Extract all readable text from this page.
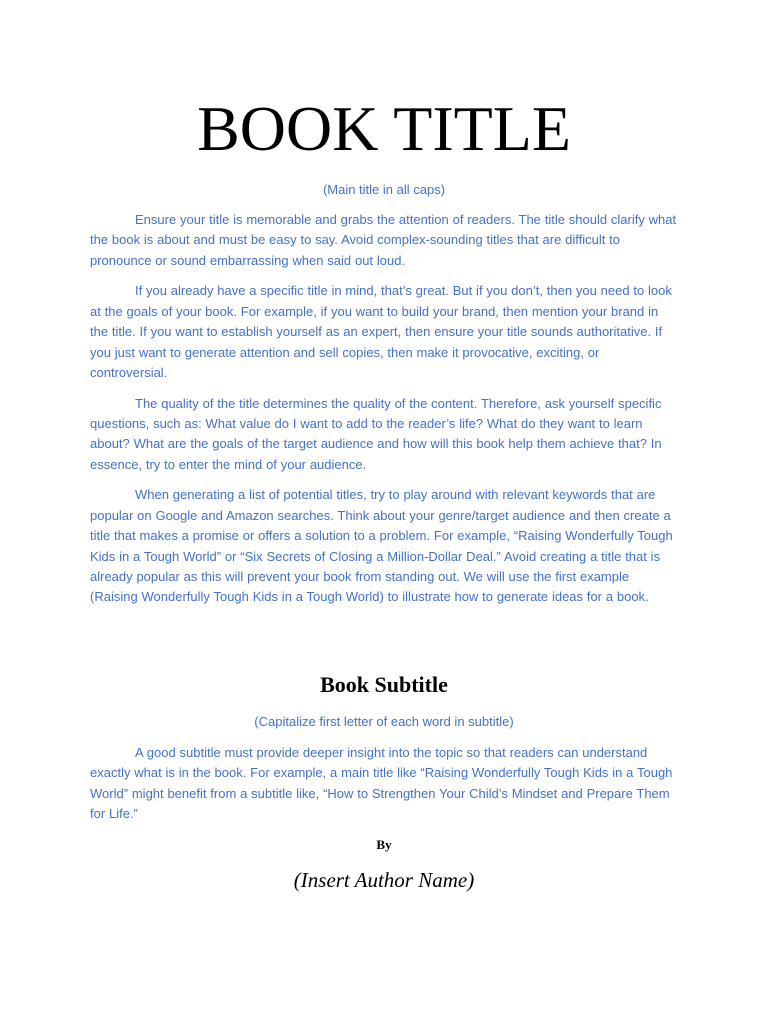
BOOK TITLE

(Main title in all caps)

Ensure your title is memorable and grabs the attention of readers. The title should clarify what the book is about and must be easy to say. Avoid complex-sounding titles that are difficult to pronounce or sound embarrassing when said out loud.

If you already have a specific title in mind, that’s great. But if you don’t, then you need to look at the goals of your book. For example, if you want to build your brand, then mention your brand in the title. If you want to establish yourself as an expert, then ensure your title sounds authoritative. If you just want to generate attention and sell copies, then make it provocative, exciting, or controversial.

The quality of the title determines the quality of the content. Therefore, ask yourself specific questions, such as: What value do I want to add to the reader’s life? What do they want to learn about? What are the goals of the target audience and how will this book help them achieve that? In essence, try to enter the mind of your audience.

When generating a list of potential titles, try to play around with relevant keywords that are popular on Google and Amazon searches. Think about your genre/target audience and then create a title that makes a promise or offers a solution to a problem. For example, “Raising Wonderfully Tough Kids in a Tough World” or “Six Secrets of Closing a Million-Dollar Deal.” Avoid creating a title that is already popular as this will prevent your book from standing out. We will use the first example (Raising Wonderfully Tough Kids in a Tough World) to illustrate how to generate ideas for a book.

Book Subtitle

(Capitalize first letter of each word in subtitle)

A good subtitle must provide deeper insight into the topic so that readers can understand exactly what is in the book. For example, a main title like “Raising Wonderfully Tough Kids in a Tough World” might benefit from a subtitle like, “How to Strengthen Your Child’s Mindset and Prepare Them for Life.”

By

(Insert Author Name)
